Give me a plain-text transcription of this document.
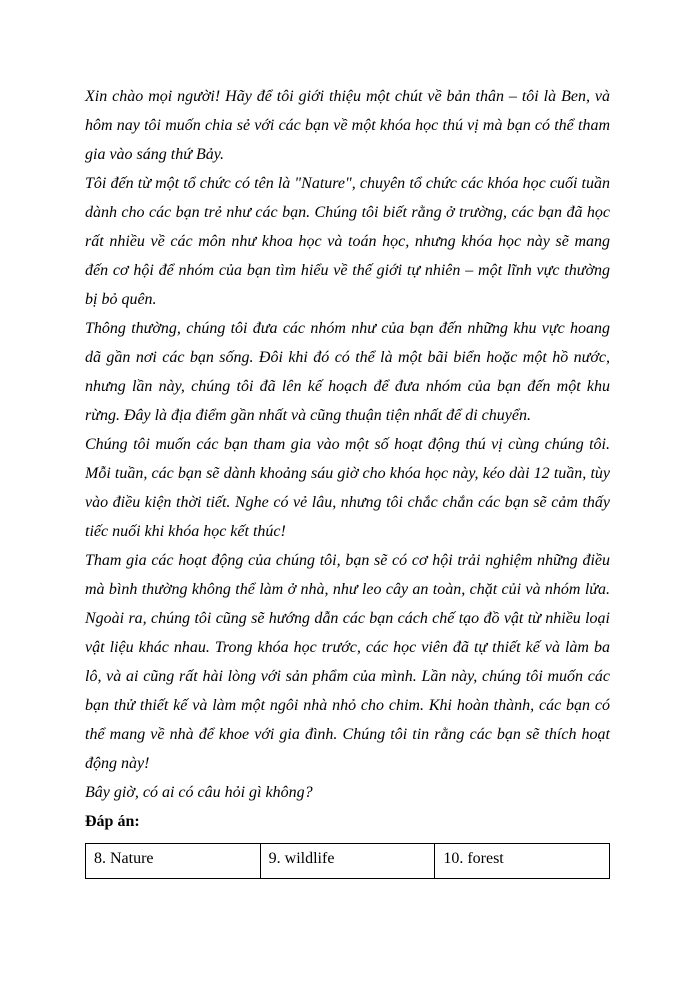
Xin chào mọi người! Hãy để tôi giới thiệu một chút về bản thân – tôi là Ben, và hôm nay tôi muốn chia sẻ với các bạn về một khóa học thú vị mà bạn có thể tham gia vào sáng thứ Bảy.

Tôi đến từ một tổ chức có tên là "Nature", chuyên tổ chức các khóa học cuối tuần dành cho các bạn trẻ như các bạn. Chúng tôi biết rằng ở trường, các bạn đã học rất nhiều về các môn như khoa học và toán học, nhưng khóa học này sẽ mang đến cơ hội để nhóm của bạn tìm hiểu về thế giới tự nhiên – một lĩnh vực thường bị bỏ quên.

Thông thường, chúng tôi đưa các nhóm như của bạn đến những khu vực hoang dã gần nơi các bạn sống. Đôi khi đó có thể là một bãi biển hoặc một hồ nước, nhưng lần này, chúng tôi đã lên kế hoạch để đưa nhóm của bạn đến một khu rừng. Đây là địa điểm gần nhất và cũng thuận tiện nhất để di chuyển.

Chúng tôi muốn các bạn tham gia vào một số hoạt động thú vị cùng chúng tôi. Mỗi tuần, các bạn sẽ dành khoảng sáu giờ cho khóa học này, kéo dài 12 tuần, tùy vào điều kiện thời tiết. Nghe có vẻ lâu, nhưng tôi chắc chắn các bạn sẽ cảm thấy tiếc nuối khi khóa học kết thúc!

Tham gia các hoạt động của chúng tôi, bạn sẽ có cơ hội trải nghiệm những điều mà bình thường không thể làm ở nhà, như leo cây an toàn, chặt củi và nhóm lửa. Ngoài ra, chúng tôi cũng sẽ hướng dẫn các bạn cách chế tạo đồ vật từ nhiều loại vật liệu khác nhau. Trong khóa học trước, các học viên đã tự thiết kế và làm ba lô, và ai cũng rất hài lòng với sản phẩm của mình. Lần này, chúng tôi muốn các bạn thử thiết kế và làm một ngôi nhà nhỏ cho chim. Khi hoàn thành, các bạn có thể mang về nhà để khoe với gia đình. Chúng tôi tin rằng các bạn sẽ thích hoạt động này!

Bây giờ, có ai có câu hỏi gì không?

Đáp án:

8. Nature	9. wildlife	10. forest
